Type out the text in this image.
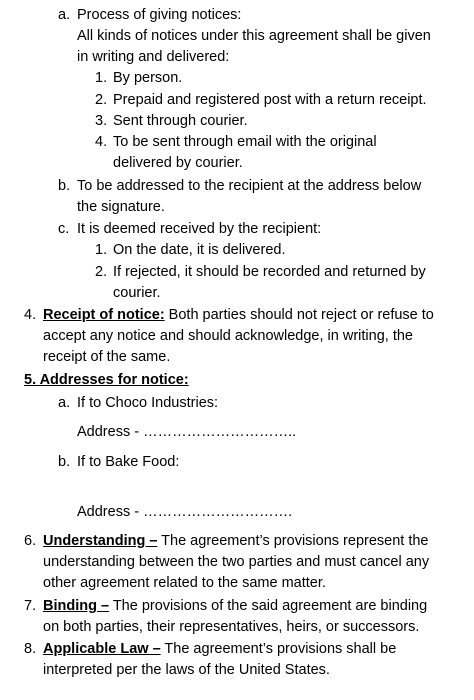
a. Process of giving notices:
All kinds of notices under this agreement shall be given
in writing and delivered:
1. By person.
2. Prepaid and registered post with a return receipt.
3. Sent through courier.
4. To be sent through email with the original
delivered by courier.
b. To be addressed to the recipient at the address below
the signature.
c. It is deemed received by the recipient:
1. On the date, it is delivered.
2. If rejected, it should be recorded and returned by
courier.
4. Receipt of notice: Both parties should not reject or refuse to
accept any notice and should acknowledge, in writing, the
receipt of the same.
5. Addresses for notice:
a. If to Choco Industries:
Address - …………………………..
b. If to Bake Food:
Address - ………………………….
6. Understanding – The agreement’s provisions represent the
understanding between the two parties and must cancel any
other agreement related to the same matter.
7. Binding – The provisions of the said agreement are binding
on both parties, their representatives, heirs, or successors.
8. Applicable Law – The agreement’s provisions shall be
interpreted per the laws of the United States.
